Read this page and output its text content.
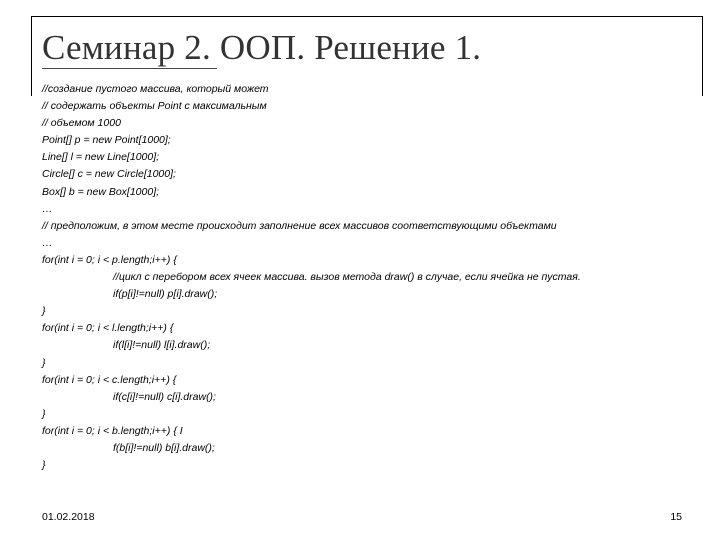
Семинар 2. ООП. Решение 1.
//создание пустого массива, который может
// содержать объекты Point с максимальным
// объемом 1000
Point[] p = new Point[1000];
Line[] l = new Line[1000];
Circle[] c = new Circle[1000];
Box[] b = new Box[1000];
…
// предположим, в этом месте происходит заполнение всех массивов соответствующими объектами
…
for(int i = 0; i < p.length;i++) {
//цикл с перебором всех ячеек массива. вызов метода draw() в случае, если ячейка не пустая.
if(p[i]!=null) p[i].draw();
}
for(int i = 0; i < l.length;i++) {
if(l[i]!=null) l[i].draw();
}
for(int i = 0; i < c.length;i++) {
if(c[i]!=null) c[i].draw();
}
for(int i = 0; i < b.length;i++) { I
f(b[i]!=null) b[i].draw();
}
01.02.2018	15
